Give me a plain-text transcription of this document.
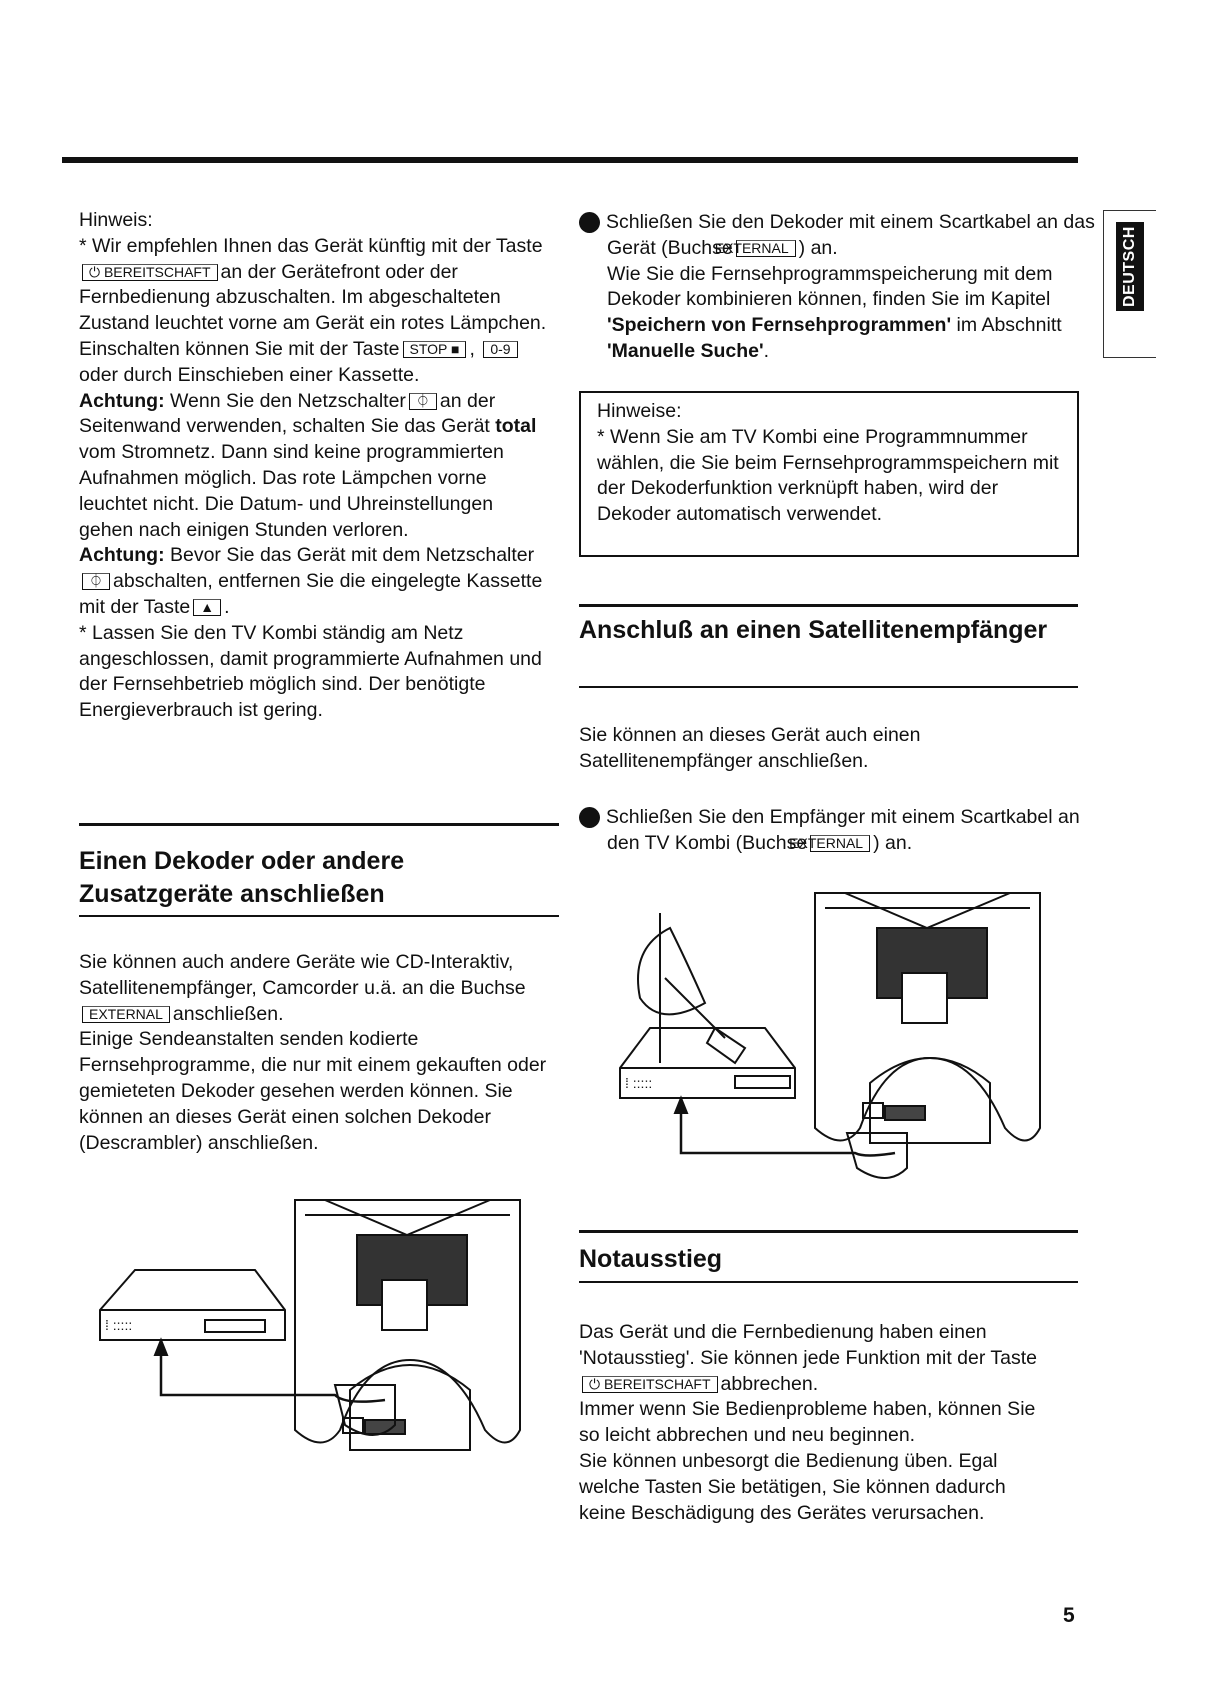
DEUTSCH
Hinweis:
* Wir empfehlen Ihnen das Gerät künftig mit der Taste⏻ BEREITSCHAFT an der Gerätefront oder der Fernbedienung abzuschalten. Im abgeschalteten Zustand leuchtet vorne am Gerät ein rotes Lämpchen.
Einschalten können Sie mit der Taste STOP ■ , 0-9oder durch Einschieben einer Kassette.
Achtung: Wenn Sie den Netzschalter ⏀ an der Seitenwand verwenden, schalten Sie das Gerät total vom Stromnetz. Dann sind keine programmierten Aufnahmen möglich. Das rote Lämpchen vorne leuchtet nicht. Die Datum- und Uhreinstellungen gehen nach einigen Stunden verloren.
Achtung: Bevor Sie das Gerät mit dem Netzschalter⏀ abschalten, entfernen Sie die eingelegte Kassette mit der Taste ▲ .
* Lassen Sie den TV Kombi ständig am Netz angeschlossen, damit programmierte Aufnahmen und der Fernsehbetrieb möglich sind. Der benötigte Energieverbrauch ist gering.
Einen Dekoder oder andere Zusatzgeräte anschließen
Sie können auch andere Geräte wie CD-Interaktiv, Satellitenempfänger, Camcorder u.ä. an die Buchse EXTERNAL anschließen.
Einige Sendeanstalten senden kodierte Fernsehprogramme, die nur mit einem gekauften oder gemieteten Dekoder gesehen werden können. Sie können an dieses Gerät einen solchen Dekoder (Descrambler) anschließen.
⁞ :::::
1 Schließen Sie den Dekoder mit einem Scartkabel an das Gerät (BuchseEXTERNAL ) an.
Wie Sie die Fernsehprogrammspeicherung mit dem Dekoder kombinieren können, finden Sie im Kapitel 'Speichern von Fernsehprogrammen' im Abschnitt 'Manuelle Suche'.
Hinweise:
* Wenn Sie am TV Kombi eine Programmnummer wählen, die Sie beim Fernsehprogrammspeichern mit der Dekoderfunktion verknüpft haben, wird der Dekoder automatisch verwendet.
Anschluß an einen Satellitenempfänger
Sie können an dieses Gerät auch einen Satellitenempfänger anschließen.
1 Schließen Sie den Empfänger mit einem Scartkabel an den TV Kombi (BuchseEXTERNAL ) an.
⁞ :::::
Notausstieg
Das Gerät und die Fernbedienung haben einen 'Notausstieg'. Sie können jede Funktion mit der Taste ⏻ BEREITSCHAFT abbrechen.
Immer wenn Sie Bedienprobleme haben, können Sie so leicht abbrechen und neu beginnen.
Sie können unbesorgt die Bedienung üben. Egal welche Tasten Sie betätigen, Sie können dadurch keine Beschädigung des Gerätes verursachen.
5
